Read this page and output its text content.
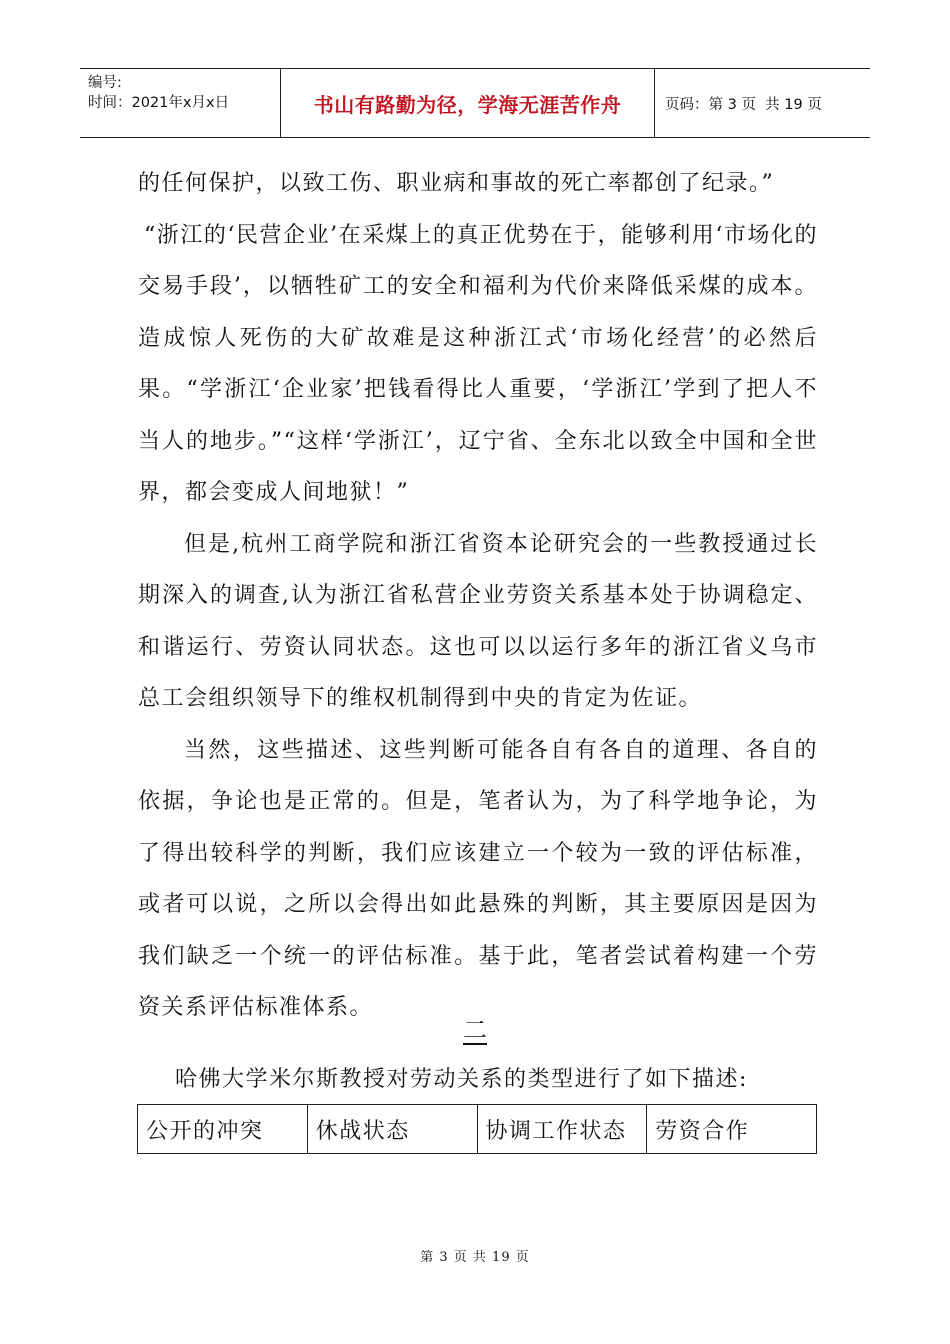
编号:
时间：2021年x月x日	书山有路勤为径，学海无涯苦作舟	页码：第 3 页  共 19 页

的任何保护，以致工伤、职业病和事故的死亡率都创了纪录。”

“浙江的‘民营企业’在采煤上的真正优势在于，能够利用‘市场化的交易手段’，以牺牲矿工的安全和福利为代价来降低采煤的成本。造成惊人死伤的大矿故难是这种浙江式‘市场化经营’的必然后果。“学浙江‘企业家’把钱看得比人重要，‘学浙江’学到了把人不当人的地步。”“这样‘学浙江’，辽宁省、全东北以致全中国和全世界，都会变成人间地狱！”

但是,杭州工商学院和浙江省资本论研究会的一些教授通过长期深入的调查,认为浙江省私营企业劳资关系基本处于协调稳定、和谐运行、劳资认同状态。这也可以以运行多年的浙江省义乌市总工会组织领导下的维权机制得到中央的肯定为佐证。

当然，这些描述、这些判断可能各自有各自的道理、各自的依据，争论也是正常的。但是，笔者认为，为了科学地争论，为了得出较科学的判断，我们应该建立一个较为一致的评估标准，或者可以说，之所以会得出如此悬殊的判断，其主要原因是因为我们缺乏一个统一的评估标准。基于此，笔者尝试着构建一个劳资关系评估标准体系。

二
哈佛大学米尔斯教授对劳动关系的类型进行了如下描述:
公开的冲突	休战状态	协调工作状态	劳资合作
第 3 页 共 19 页
